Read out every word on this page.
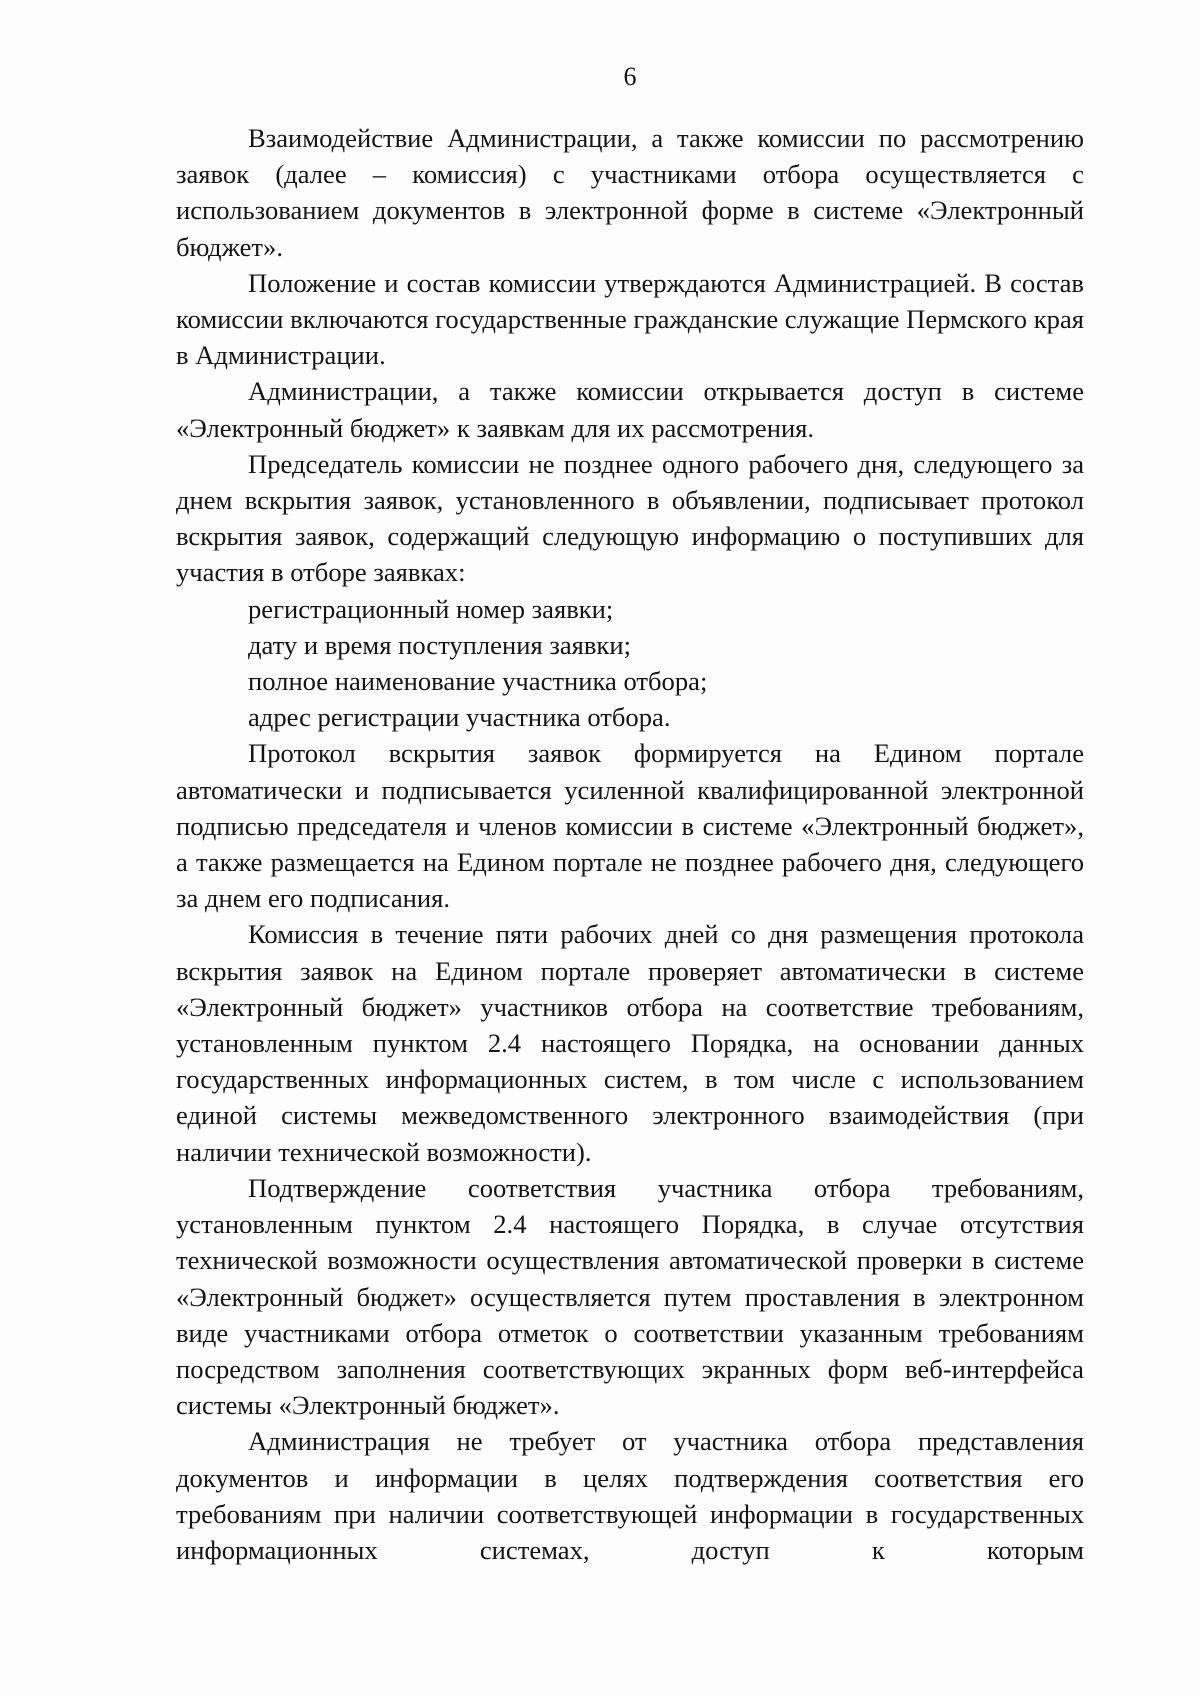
6

Взаимодействие Администрации, а также комиссии по рассмотрению заявок (далее – комиссия) с участниками отбора осуществляется с использованием документов в электронной форме в системе «Электронный бюджет».

Положение и состав комиссии утверждаются Администрацией. В состав комиссии включаются государственные гражданские служащие Пермского края в Администрации.

Администрации, а также комиссии открывается доступ в системе «Электронный бюджет» к заявкам для их рассмотрения.

Председатель комиссии не позднее одного рабочего дня, следующего за днем вскрытия заявок, установленного в объявлении, подписывает протокол вскрытия заявок, содержащий следующую информацию о поступивших для участия в отборе заявках:

регистрационный номер заявки;

дату и время поступления заявки;

полное наименование участника отбора;

адрес регистрации участника отбора.

Протокол вскрытия заявок формируется на Едином портале автоматически и подписывается усиленной квалифицированной электронной подписью председателя и членов комиссии в системе «Электронный бюджет», а также размещается на Едином портале не позднее рабочего дня, следующего за днем его подписания.

Комиссия в течение пяти рабочих дней со дня размещения протокола вскрытия заявок на Едином портале проверяет автоматически в системе «Электронный бюджет» участников отбора на соответствие требованиям, установленным пунктом 2.4 настоящего Порядка, на основании данных государственных информационных систем, в том числе с использованием единой системы межведомственного электронного взаимодействия (при наличии технической возможности).

Подтверждение соответствия участника отбора требованиям, установленным пунктом 2.4 настоящего Порядка, в случае отсутствия технической возможности осуществления автоматической проверки в системе «Электронный бюджет» осуществляется путем проставления в электронном виде участниками отбора отметок о соответствии указанным требованиям посредством заполнения соответствующих экранных форм веб-интерфейса системы «Электронный бюджет».

Администрация не требует от участника отбора представления документов и информации в целях подтверждения соответствия его требованиям при наличии соответствующей информации в государственных информационных системах, доступ к которым
